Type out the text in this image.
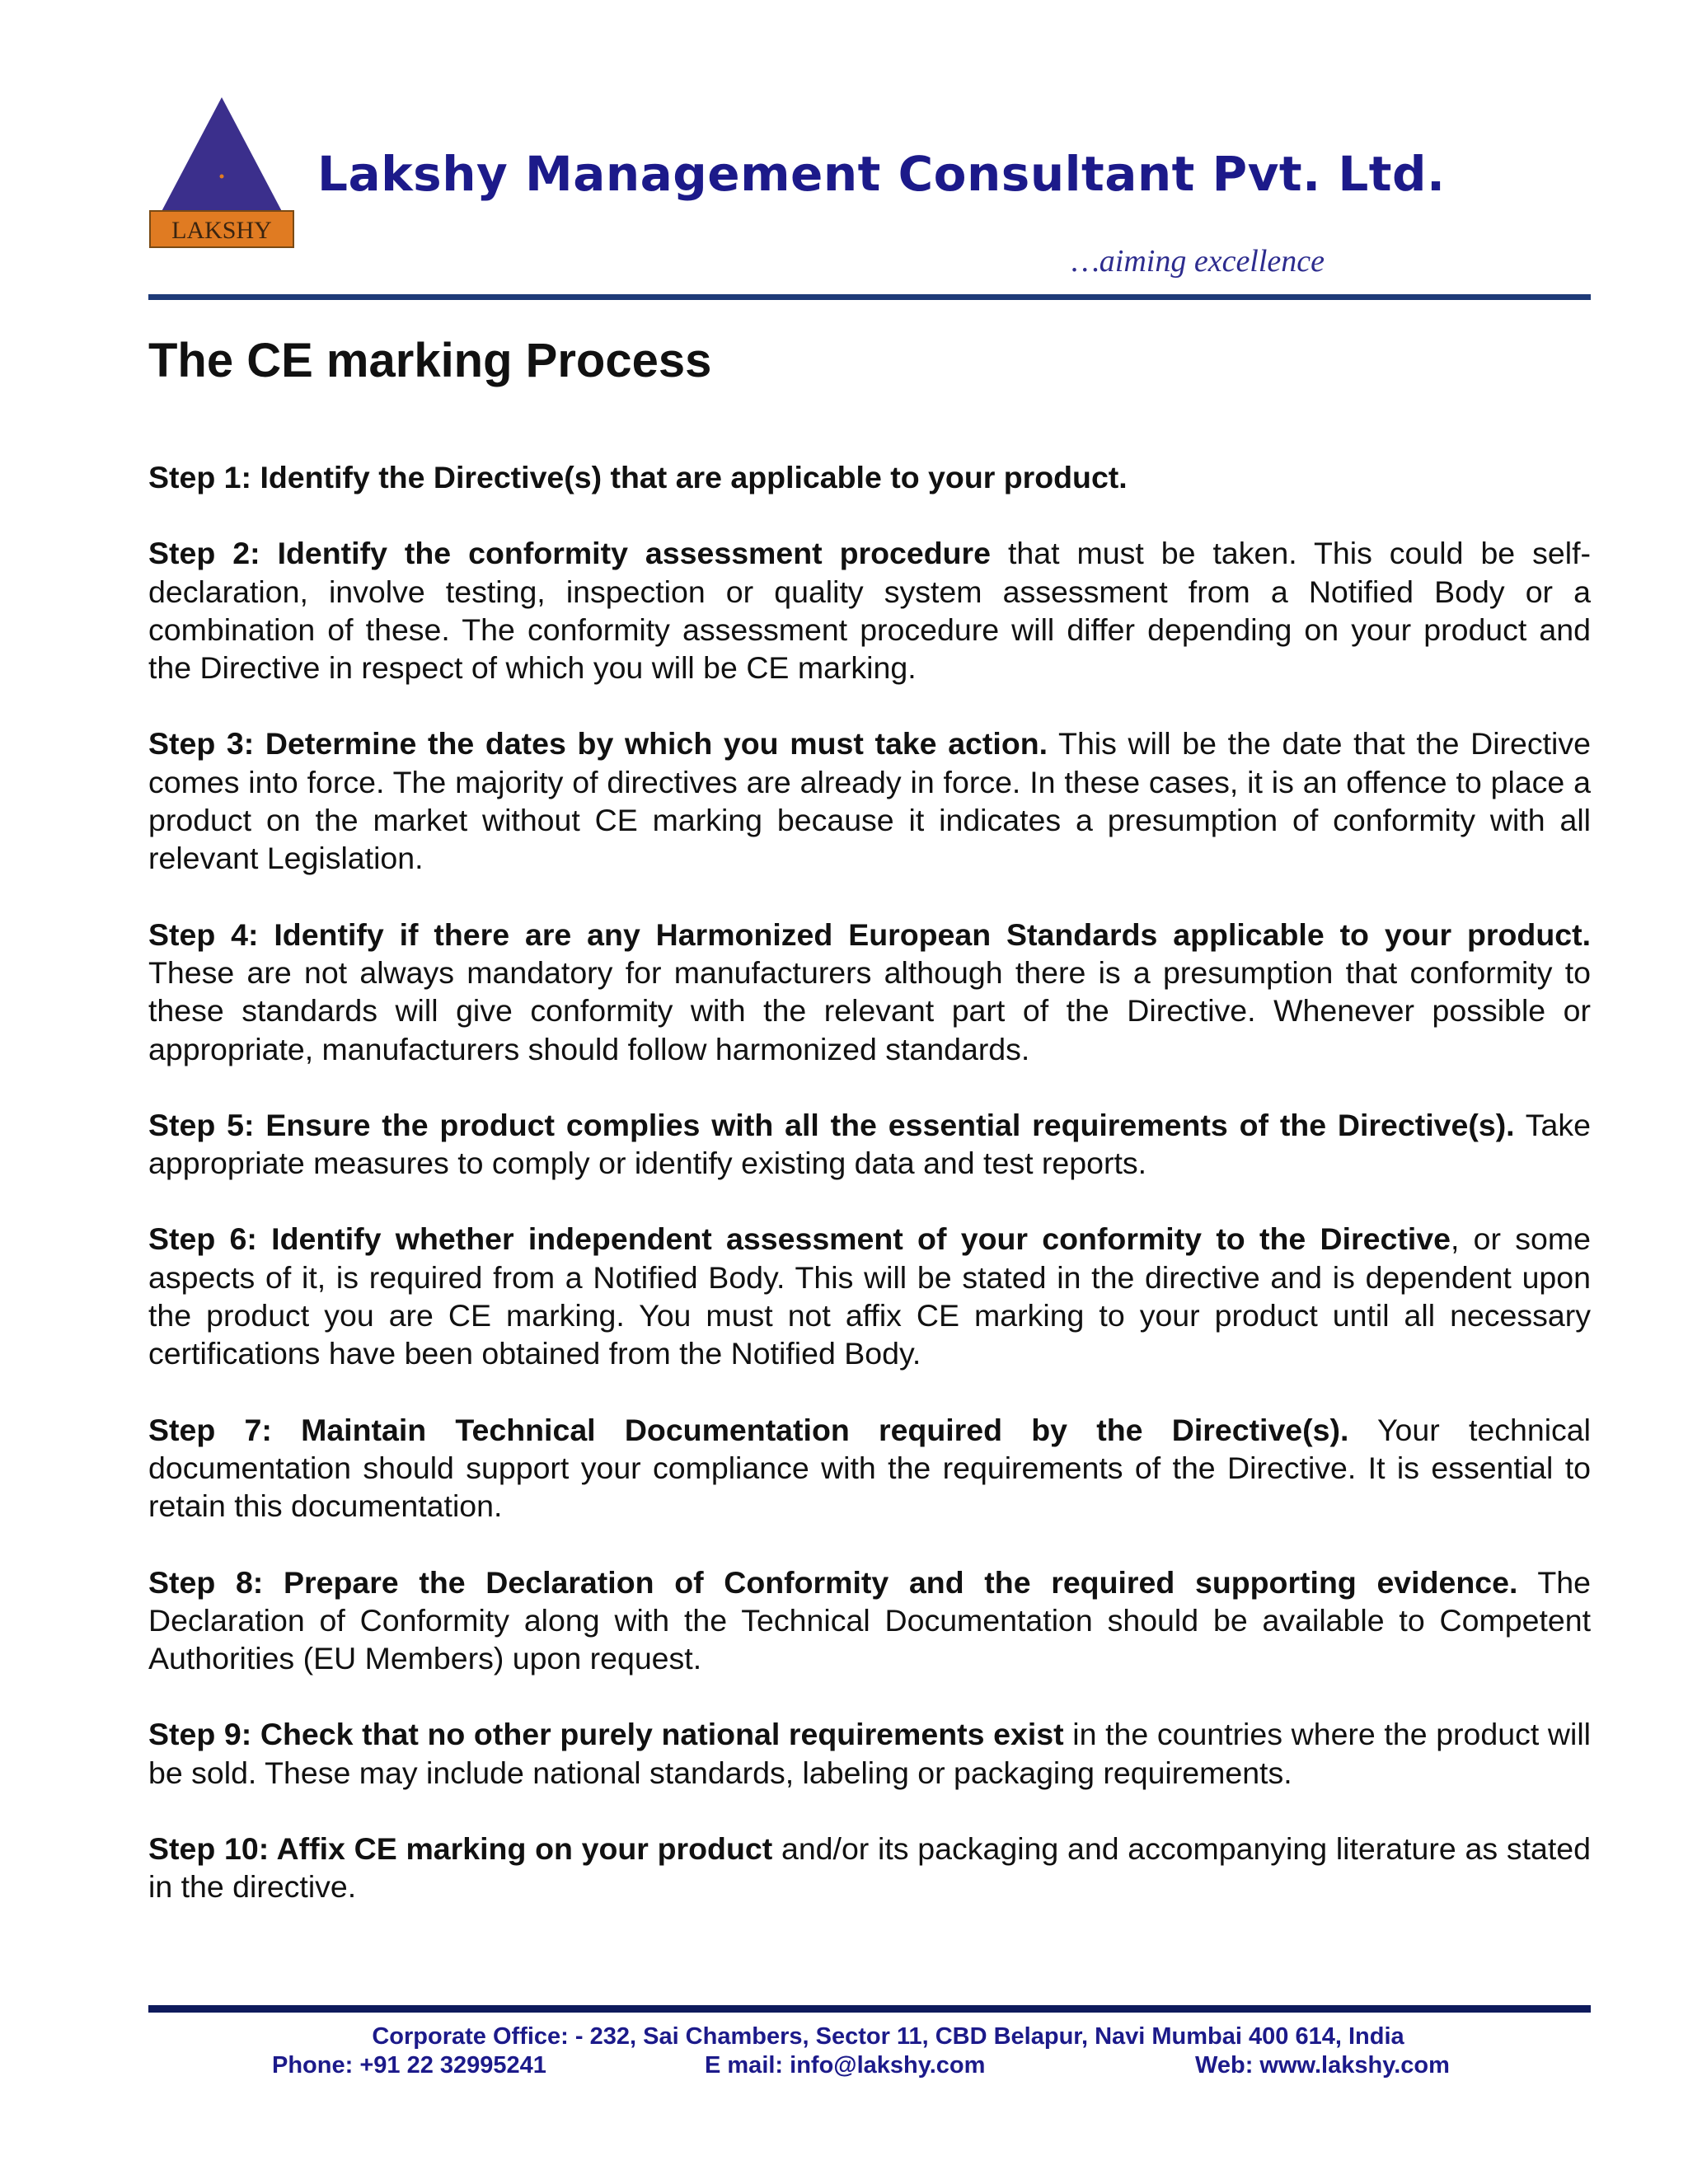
LAKSHY
Lakshy Management Consultant Pvt. Ltd.
…aiming excellence
The CE marking Process

Step 1: Identify the Directive(s) that are applicable to your product.

Step 2: Identify the conformity assessment procedure that must be taken. This could be self-declaration, involve testing, inspection or quality system assessment from a Notified Body or a combination of these. The conformity assessment procedure will differ depending on your product and the Directive in respect of which you will be CE marking.

Step 3: Determine the dates by which you must take action. This will be the date that the Directive comes into force. The majority of directives are already in force. In these cases, it is an offence to place a product on the market without CE marking because it indicates a presumption of conformity with all relevant Legislation.

Step 4: Identify if there are any Harmonized European Standards applicable to your product. These are not always mandatory for manufacturers although there is a presumption that conformity to these standards will give conformity with the relevant part of the Directive. Whenever possible or appropriate, manufacturers should follow harmonized standards.

Step 5: Ensure the product complies with all the essential requirements of the Directive(s). Take appropriate measures to comply or identify existing data and test reports.

Step 6: Identify whether independent assessment of your conformity to the Directive, or some aspects of it, is required from a Notified Body. This will be stated in the directive and is dependent upon the product you are CE marking. You must not affix CE marking to your product until all necessary certifications have been obtained from the Notified Body.

Step 7: Maintain Technical Documentation required by the Directive(s). Your technical documentation should support your compliance with the requirements of the Directive. It is essential to retain this documentation.

Step 8: Prepare the Declaration of Conformity and the required supporting evidence. The Declaration of Conformity along with the Technical Documentation should be available to Competent Authorities (EU Members) upon request.

Step 9: Check that no other purely national requirements exist in the countries where the product will be sold. These may include national standards, labeling or packaging requirements.

Step 10: Affix CE marking on your product and/or its packaging and accompanying literature as stated in the directive.

Corporate Office: - 232, Sai Chambers, Sector 11, CBD Belapur, Navi Mumbai 400 614, India
Phone: +91 22 32995241	E mail: info@lakshy.com	Web: www.lakshy.com
